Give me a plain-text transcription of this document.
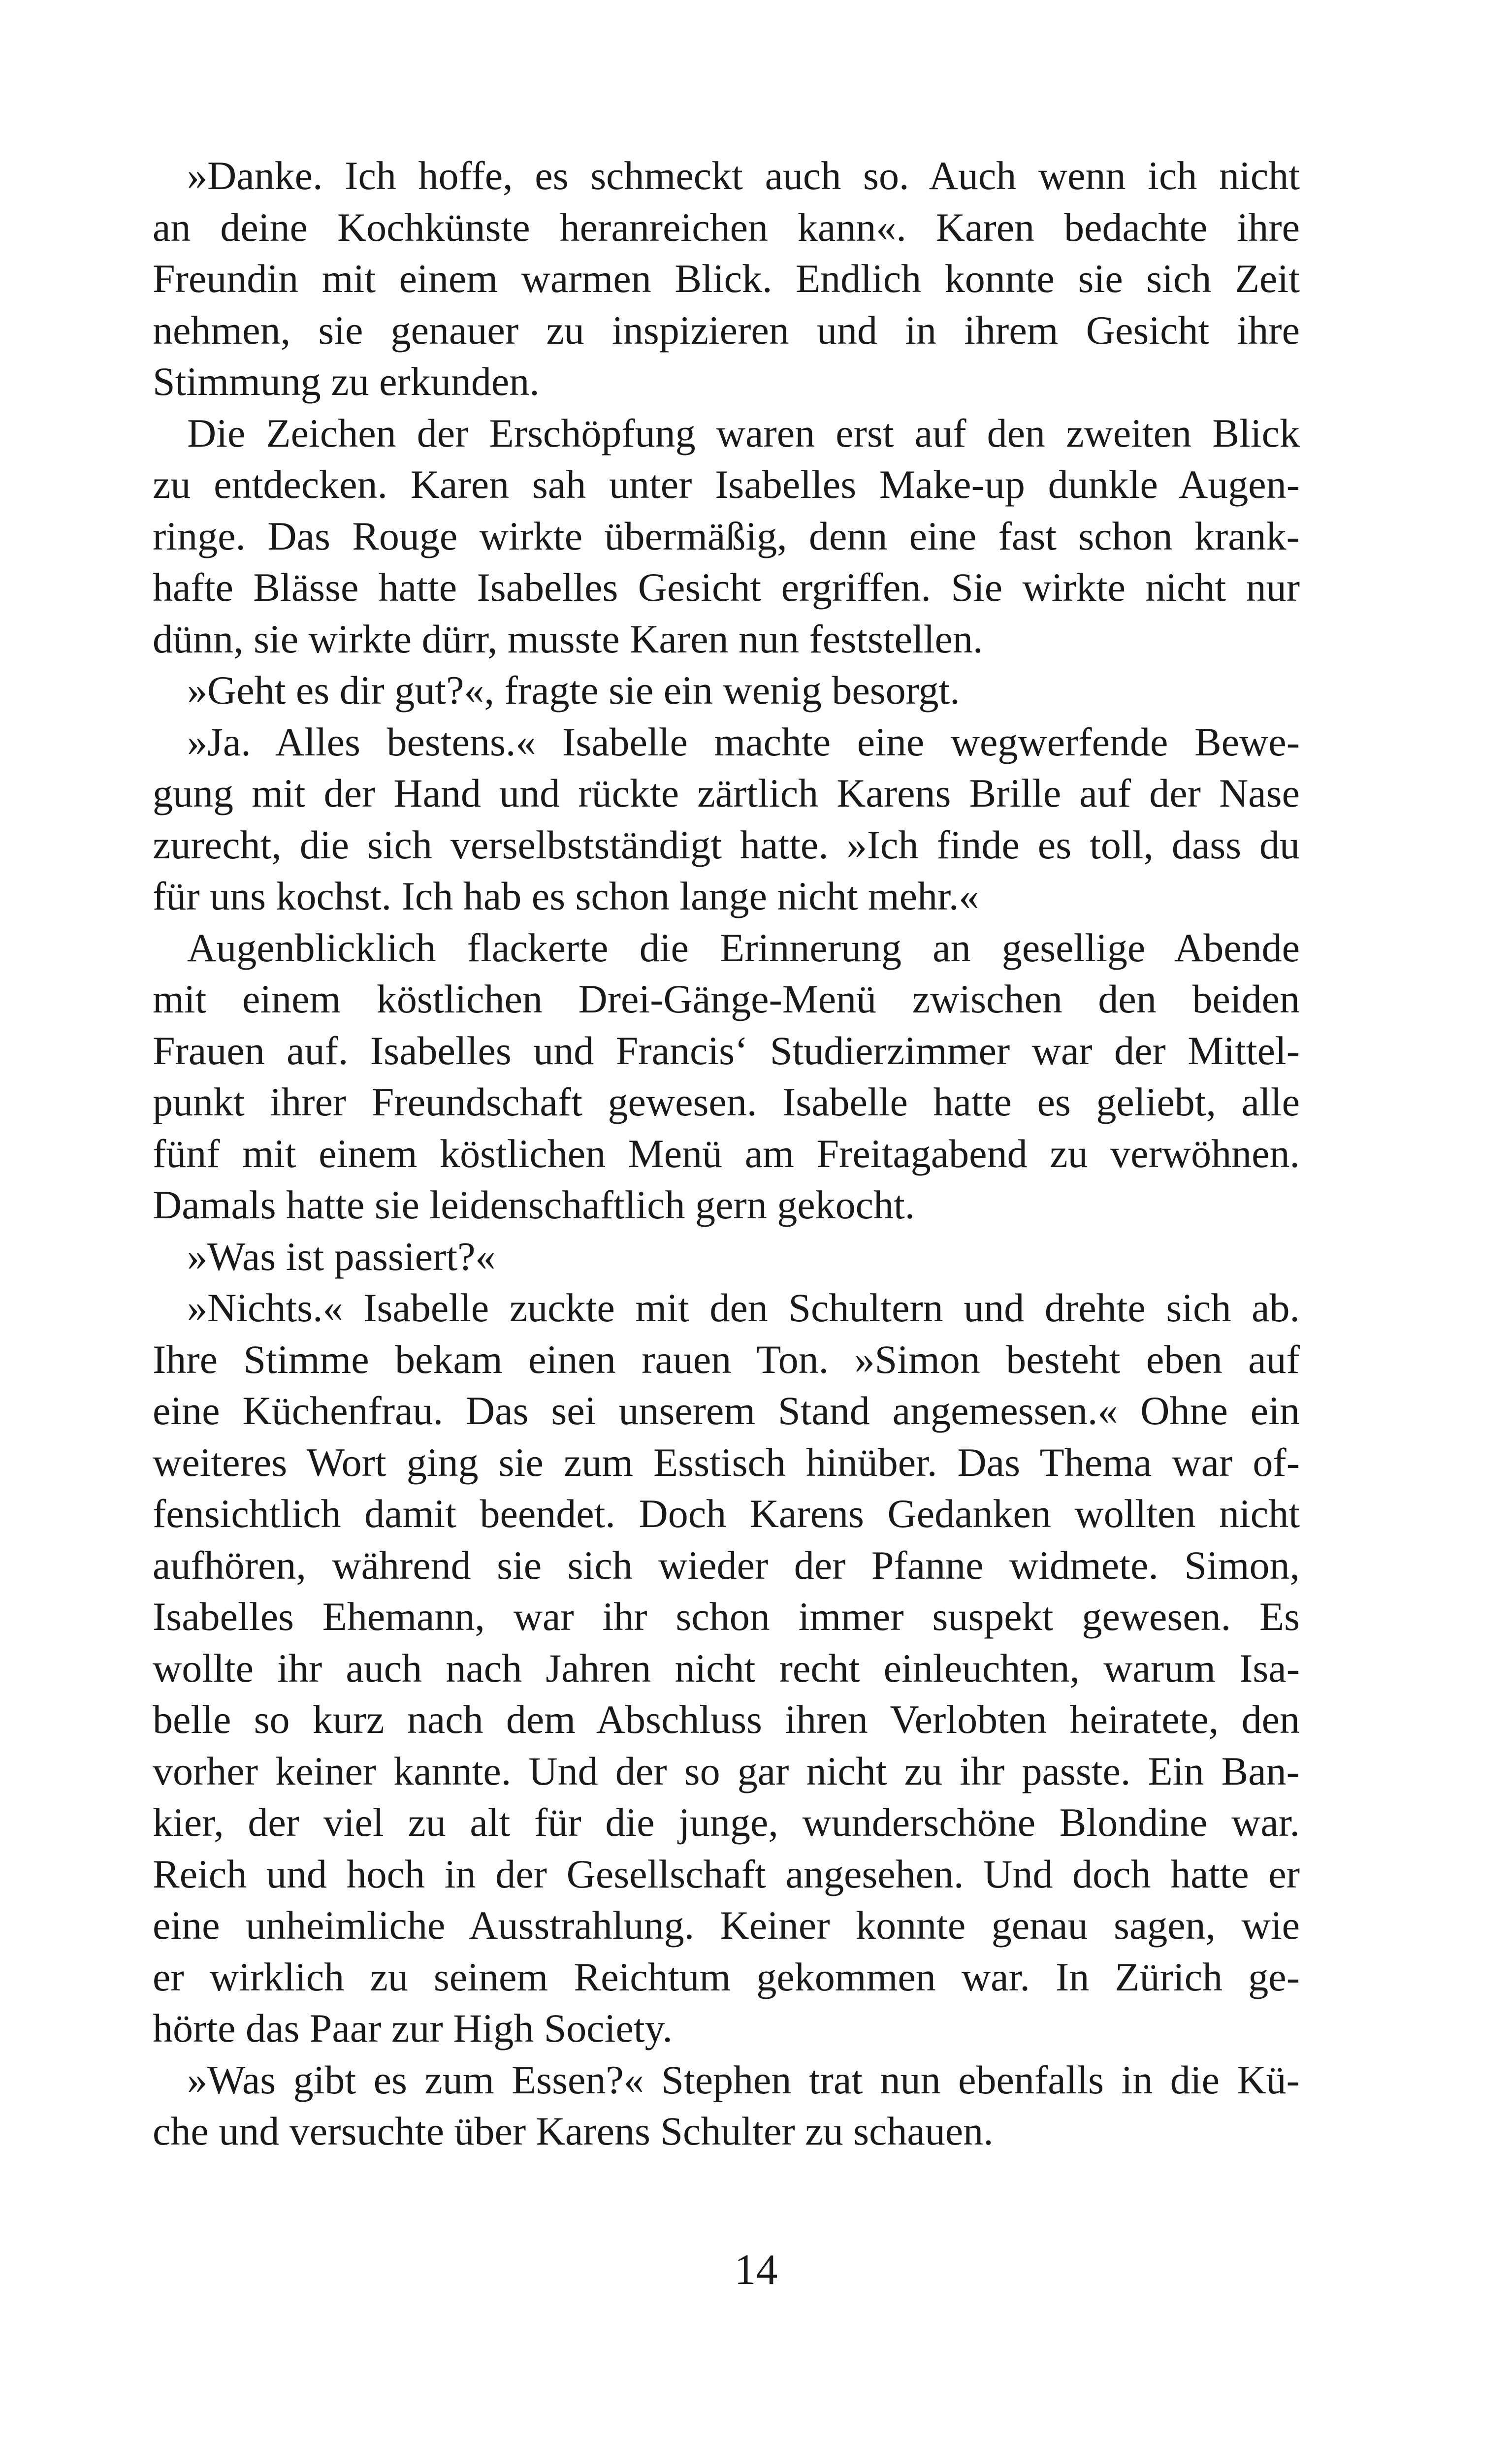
»Danke. Ich hoffe, es schmeckt auch so. Auch wenn ich nicht
an deine Kochkünste heranreichen kann«. Karen bedachte ihre
Freundin mit einem warmen Blick. Endlich konnte sie sich Zeit
nehmen, sie genauer zu inspizieren und in ihrem Gesicht ihre
Stimmung zu erkunden.
Die Zeichen der Erschöpfung waren erst auf den zweiten Blick
zu entdecken. Karen sah unter Isabelles Make-up dunkle Augen-
ringe. Das Rouge wirkte übermäßig, denn eine fast schon krank-
hafte Blässe hatte Isabelles Gesicht ergriffen. Sie wirkte nicht nur
dünn, sie wirkte dürr, musste Karen nun feststellen.
»Geht es dir gut?«, fragte sie ein wenig besorgt.
»Ja. Alles bestens.« Isabelle machte eine wegwerfende Bewe-
gung mit der Hand und rückte zärtlich Karens Brille auf der Nase
zurecht, die sich verselbstständigt hatte. »Ich finde es toll, dass du
für uns kochst. Ich hab es schon lange nicht mehr.«
Augenblicklich flackerte die Erinnerung an gesellige Abende
mit einem köstlichen Drei-Gänge-Menü zwischen den beiden
Frauen auf. Isabelles und Francis‘ Studierzimmer war der Mittel-
punkt ihrer Freundschaft gewesen. Isabelle hatte es geliebt, alle
fünf mit einem köstlichen Menü am Freitagabend zu verwöhnen.
Damals hatte sie leidenschaftlich gern gekocht.
»Was ist passiert?«
»Nichts.« Isabelle zuckte mit den Schultern und drehte sich ab.
Ihre Stimme bekam einen rauen Ton. »Simon besteht eben auf
eine Küchenfrau. Das sei unserem Stand angemessen.« Ohne ein
weiteres Wort ging sie zum Esstisch hinüber. Das Thema war of-
fensichtlich damit beendet. Doch Karens Gedanken wollten nicht
aufhören, während sie sich wieder der Pfanne widmete. Simon,
Isabelles Ehemann, war ihr schon immer suspekt gewesen. Es
wollte ihr auch nach Jahren nicht recht einleuchten, warum Isa-
belle so kurz nach dem Abschluss ihren Verlobten heiratete, den
vorher keiner kannte. Und der so gar nicht zu ihr passte. Ein Ban-
kier, der viel zu alt für die junge, wunderschöne Blondine war.
Reich und hoch in der Gesellschaft angesehen. Und doch hatte er
eine unheimliche Ausstrahlung. Keiner konnte genau sagen, wie
er wirklich zu seinem Reichtum gekommen war. In Zürich ge-
hörte das Paar zur High Society.
»Was gibt es zum Essen?« Stephen trat nun ebenfalls in die Kü-
che und versuchte über Karens Schulter zu schauen.
14
